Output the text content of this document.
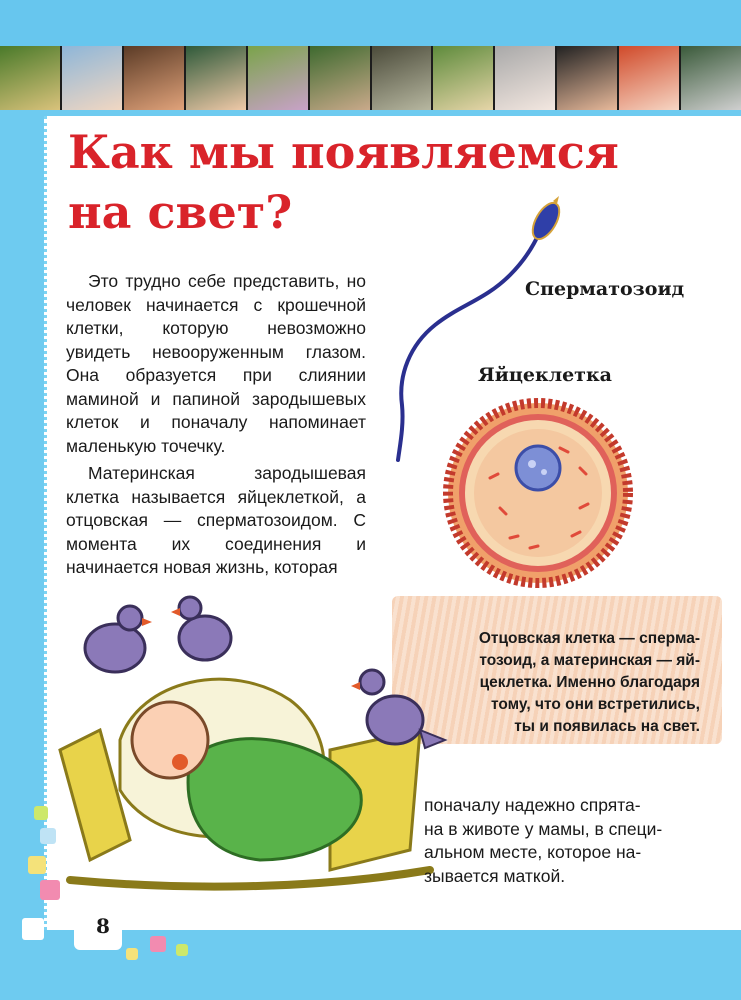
Как мы появляемся
на свет?

Это трудно себе представить, но человек начинается с крошечной клетки, которую невозможно увидеть невооруженным глазом. Она образуется при слиянии маминой и папиной зародышевых клеток и поначалу напоминает маленькую точечку.

Материнская зародышевая клетка называется яйцеклеткой, а отцовская — сперматозоидом. С момента их соединения и начинается новая жизнь, которая

Сперматозоид
Яйцеклетка
Отцовская клетка — сперма-
тозоид, а материнская — яй-
цеклетка. Именно благодаря
тому, что они встретились,
ты и появилась на свет.
поначалу надежно спрята-
на в животе у мамы, в специ-
альном месте, которое на-
зывается маткой.
8
